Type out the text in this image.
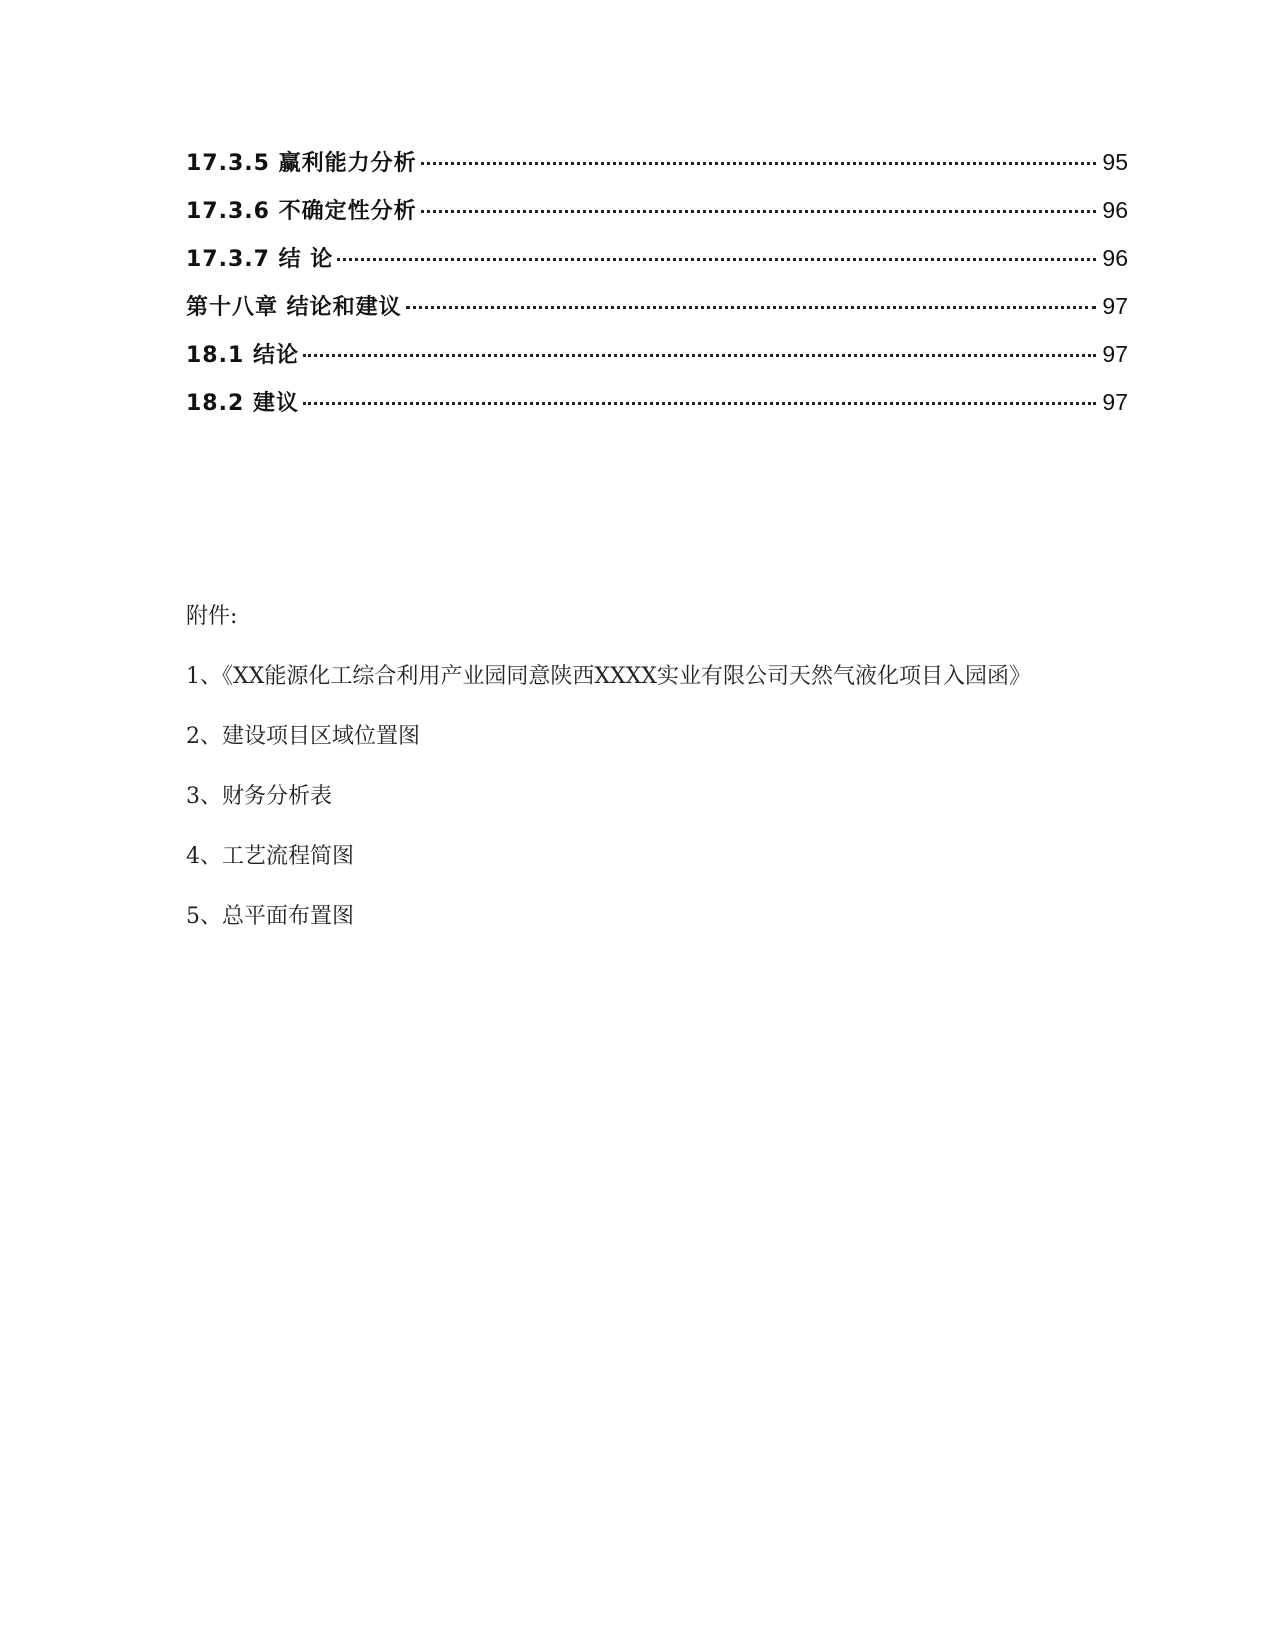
17.3.5 赢利能力分析	95
17.3.6 不确定性分析	96
17.3.7 结 论	96
第十八章 结论和建议	97
18.1 结论	97
18.2 建议	97
附件:
1、《XX能源化工综合利用产业园同意陕西XXXX实业有限公司天然气液化项目入园函》
2、建设项目区域位置图
3、财务分析表
4、工艺流程简图
5、总平面布置图
